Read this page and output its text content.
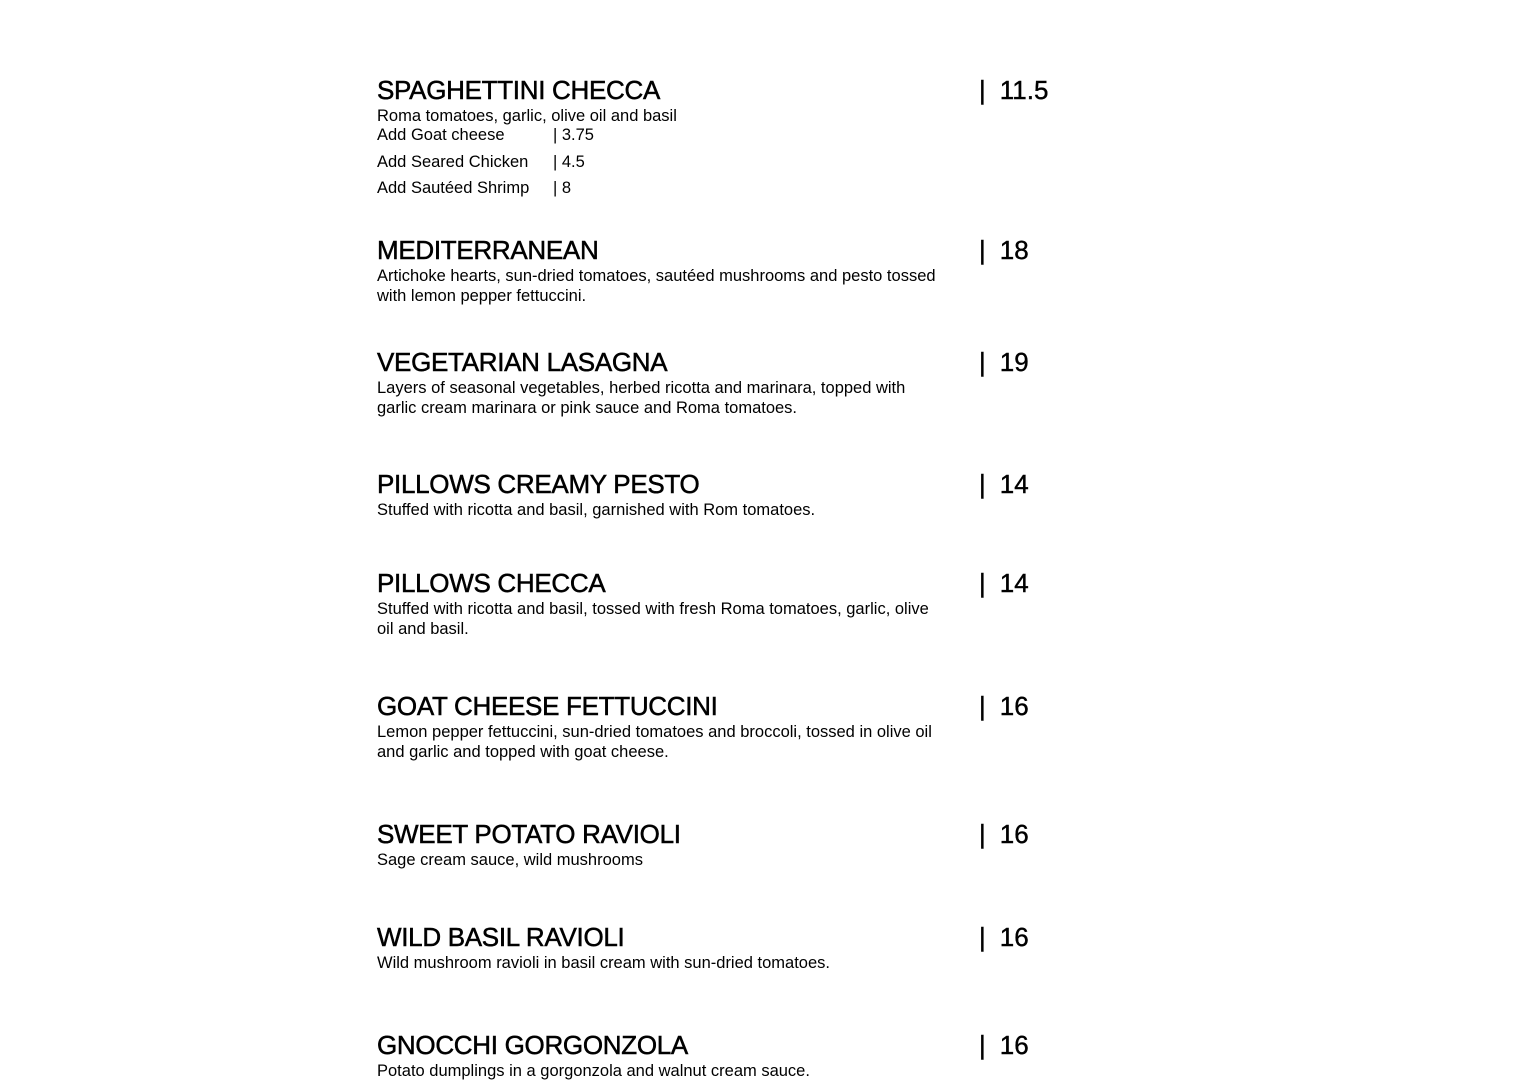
SPAGHETTINI CHECCA	| 11.5
Roma tomatoes, garlic, olive oil and basil
Add Goat cheese	| 3.75
Add Seared Chicken | 4.5
Add Sautéed Shrimp | 8
MEDITERRANEAN	| 18
Artichoke hearts, sun-dried tomatoes, sautéed mushrooms and pesto tossed with lemon pepper fettuccini.
VEGETARIAN LASAGNA	| 19
Layers of seasonal vegetables, herbed ricotta and marinara, topped with garlic cream marinara or pink sauce and Roma tomatoes.
PILLOWS CREAMY PESTO	| 14
Stuffed with ricotta and basil, garnished with Rom tomatoes.
PILLOWS CHECCA	| 14
Stuffed with ricotta and basil, tossed with fresh Roma tomatoes, garlic, olive oil and basil.
GOAT CHEESE FETTUCCINI	| 16
Lemon pepper fettuccini, sun-dried tomatoes and broccoli, tossed in olive oil and garlic and topped with goat cheese.
SWEET POTATO RAVIOLI	| 16
Sage cream sauce, wild mushrooms
WILD BASIL RAVIOLI	| 16
Wild mushroom ravioli in basil cream with sun-dried tomatoes.
GNOCCHI GORGONZOLA	| 16
Potato dumplings in a gorgonzola and walnut cream sauce.
